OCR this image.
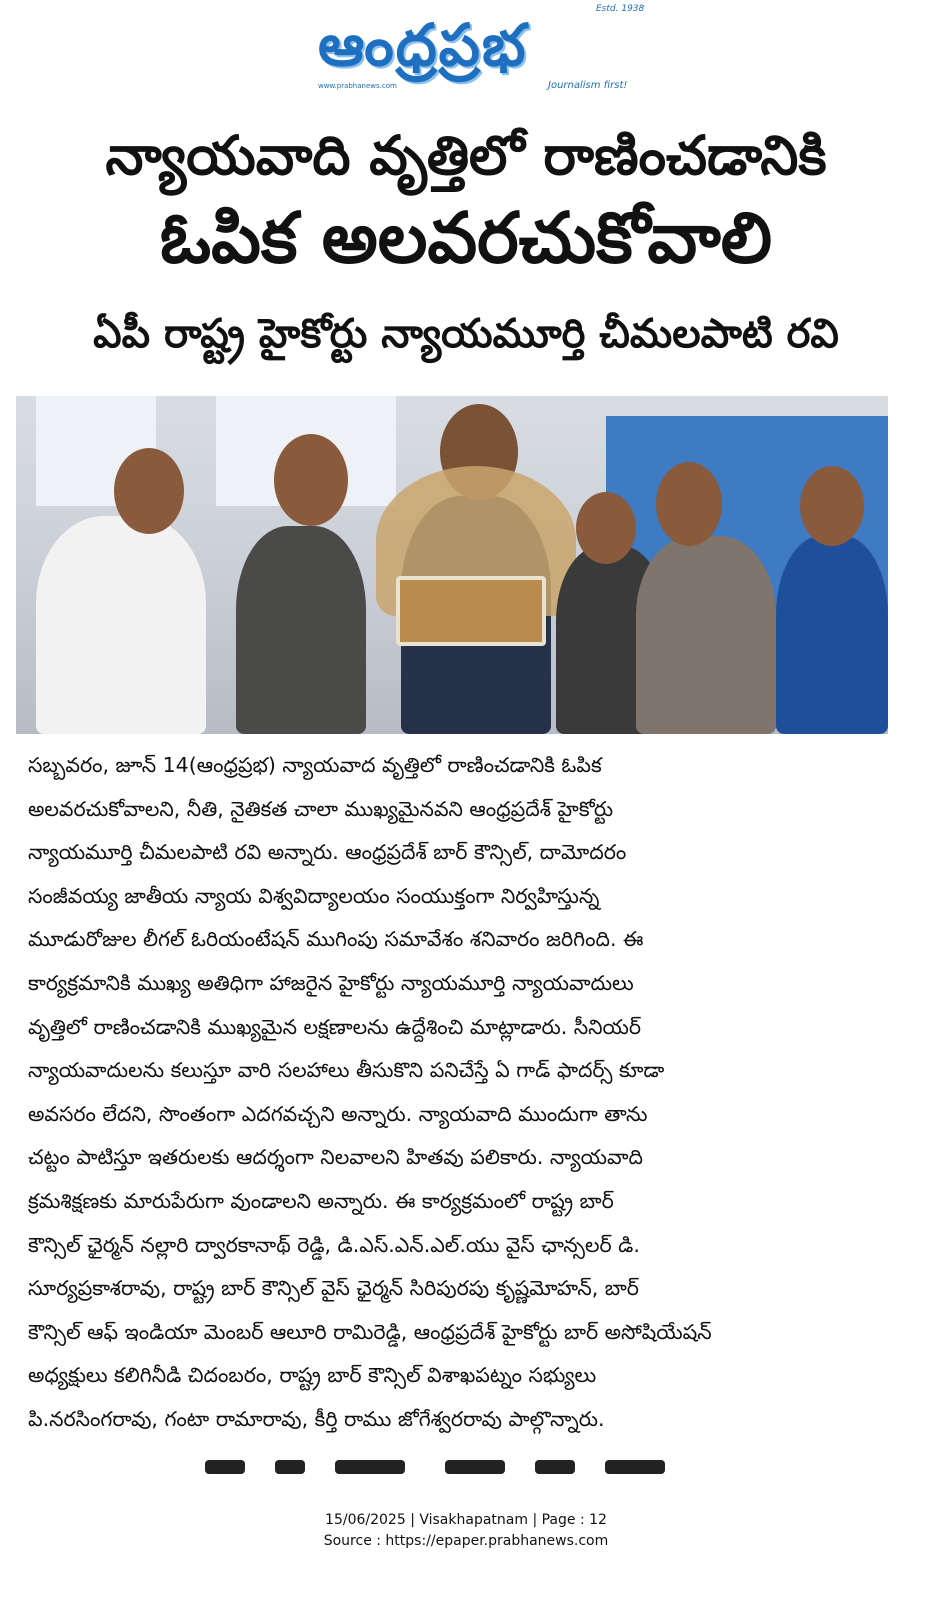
ఆంధ్రప్రభ
Estd. 1938
www.prabhanews.com	Journalism first!
న్యాయవాది వృత్తిలో రాణించడానికి
ఓపిక అలవరచుకోవాలి
ఏపీ రాష్ట్ర హైకోర్టు న్యాయమూర్తి చీమలపాటి రవి
సబ్బవరం, జూన్ 14(ఆంధ్రప్రభ) న్యాయవాద వృత్తిలో రాణించడానికి ఓపిక
అలవరచుకోవాలని, నీతి, నైతికత చాలా ముఖ్యమైనవని ఆంధ్రప్రదేశ్ హైకోర్టు
న్యాయమూర్తి చీమలపాటి రవి అన్నారు. ఆంధ్రప్రదేశ్ బార్ కౌన్సిల్, దామోదరం
సంజీవయ్య జాతీయ న్యాయ విశ్వవిద్యాలయం సంయుక్తంగా నిర్వహిస్తున్న
మూడురోజుల లీగల్ ఓరియంటేషన్ ముగింపు సమావేశం శనివారం జరిగింది. ఈ
కార్యక్రమానికి ముఖ్య అతిధిగా హాజరైన హైకోర్టు న్యాయమూర్తి న్యాయవాదులు
వృత్తిలో రాణించడానికి ముఖ్యమైన లక్షణాలను ఉద్దేశించి మాట్లాడారు. సీనియర్
న్యాయవాదులను కలుస్తూ వారి సలహాలు తీసుకొని పనిచేస్తే ఏ గాడ్ ఫాదర్స్ కూడా
అవసరం లేదని, సొంతంగా ఎదగవచ్చని అన్నారు. న్యాయవాది ముందుగా తాను
చట్టం పాటిస్తూ ఇతరులకు ఆదర్శంగా నిలవాలని హితవు పలికారు. న్యాయవాది
క్రమశిక్షణకు మారుపేరుగా వుండాలని అన్నారు. ఈ కార్యక్రమంలో రాష్ట్ర బార్
కౌన్సిల్ ఛైర్మన్ నల్లారి ద్వారకానాథ్ రెడ్డి, డి.ఎస్.ఎన్.ఎల్.యు వైస్ ఛాన్సలర్ డి.
సూర్యప్రకాశరావు, రాష్ట్ర బార్ కౌన్సిల్ వైస్ ఛైర్మన్ సిరిపురపు కృష్ణమోహన్, బార్
కౌన్సిల్ ఆఫ్ ఇండియా మెంబర్ ఆలూరి రామిరెడ్డి, ఆంధ్రప్రదేశ్ హైకోర్టు బార్ అసోషియేషన్
అధ్యక్షులు కలిగినీడి చిదంబరం, రాష్ట్ర బార్ కౌన్సిల్ విశాఖపట్నం సభ్యులు
పి.నరసింగరావు, గంటా రామారావు, కీర్తి రాము జోగేశ్వరరావు పాల్గొన్నారు.
15/06/2025 | Visakhapatnam | Page : 12
Source : https://epaper.prabhanews.com
